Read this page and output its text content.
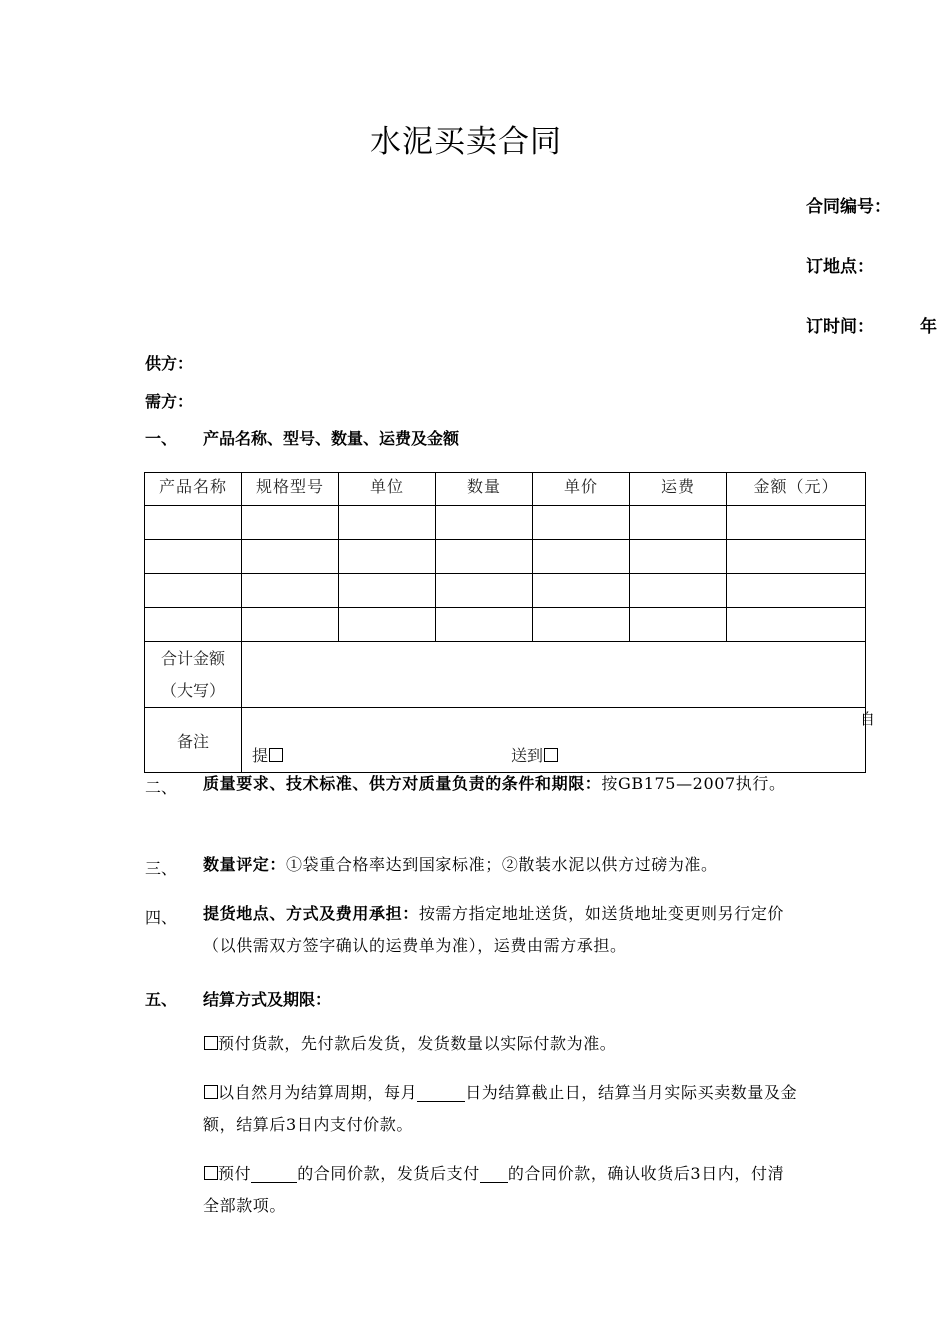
水泥买卖合同
合同编号：
订地点：
订时间：	年
供方：
需方：
一、 产品名称、型号、数量、运费及金额
产品名称	规格型号	单位	数量	单价	运费	金额（元）

合计金额
（大写）						

备注	提 送到					
自
二、 质量要求、技术标准、供方对质量负责的条件和期限：按GB175—2007执行。
三、 数量评定：①袋重合格率达到国家标准；②散装水泥以供方过磅为准。
四、 提货地点、方式及费用承担：按需方指定地址送货，如送货地址变更则另行定价（以供需双方签字确认的运费单为准），运费由需方承担。
五、 结算方式及期限：
预付货款，先付款后发货，发货数量以实际付款为准。
以自然月为结算周期，每月	日为结算截止日，结算当月实际买卖数量及金额，结算后3日内支付价款。
预付	的合同价款，发货后支付 的合同价款，确认收货后3日内，付清全部款项。
